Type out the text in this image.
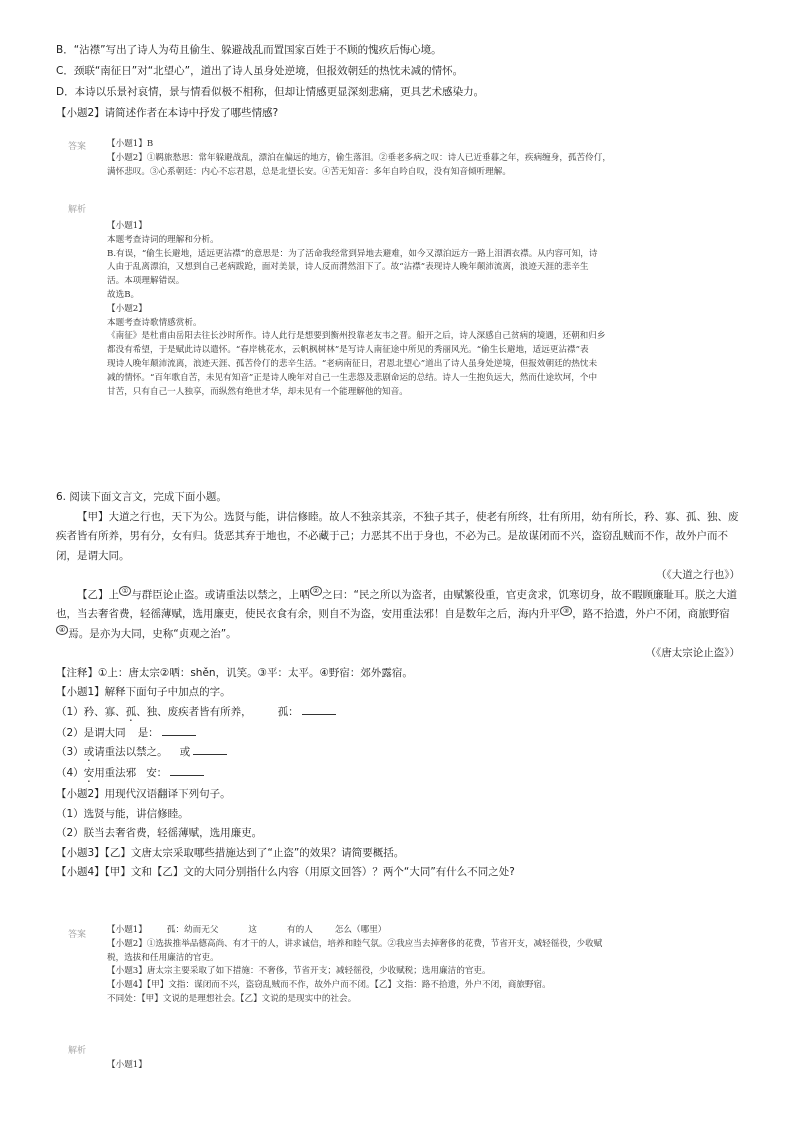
B．“沾襟”写出了诗人为苟且偷生、躲避战乱而置国家百姓于不顾的愧疚后悔心境。
C．颈联“南征日”对“北望心”，道出了诗人虽身处逆境，但报效朝廷的热忱未减的情怀。
D．本诗以乐景衬哀情，景与情看似极不相称，但却让情感更显深刻悲痛，更具艺术感染力。
【小题2】请简述作者在本诗中抒发了哪些情感?
答案 【小题1】B
【小题2】①羁旅愁思：常年躲避战乱，漂泊在偏远的地方，偷生落泪。②垂老多病之叹：诗人已近垂暮之年，疾病缠身，孤苦伶仃，
满怀悲叹。③心系朝廷：内心不忘君恩，总是北望长安。④苦无知音：多年自吟自叹，没有知音倾听理解。
解析
【小题1】
本题考查诗词的理解和分析。
B.有误，“偷生长避地，适远更沾襟”的意思是：为了活命我经常到异地去避难，如今又漂泊远方一路上泪洒衣襟。从内容可知，诗
人由于乱离漂泊，又想到自己老病跋跄，面对美景，诗人反而潸然泪下了。故“沾襟”表现诗人晚年颠沛流离，浪迹天涯的悲辛生
活。本项理解错误。
故选B。
【小题2】
本题考查诗歌情感赏析。
《南征》是杜甫由岳阳去往长沙时所作。诗人此行是想要到衡州投靠老友韦之晋。船开之后，诗人深感自己贫病的境遇，还朝和归乡
都没有希望，于是赋此诗以遣怀。“春岸桃花水，云帆枫树林”是写诗人南征途中所见的秀丽风光。“偷生长避地，适远更沾襟”表
现诗人晚年颠沛流离，浪迹天涯、孤苦伶仃的悲辛生活。“老病南征日，君恩北望心”道出了诗人虽身处逆境，但报效朝廷的热忱未
减的情怀。“百年歌自苦，未见有知音”正是诗人晚年对自己一生悲怨及悲剧命运的总结。诗人一生抱负远大，然而仕途坎坷，个中
甘苦，只有自己一人独享，而纵然有绝世才华，却未见有一个能理解他的知音。
6. 阅读下面文言文，完成下面小题。
【甲】大道之行也，天下为公。选贤与能，讲信修睦。故人不独亲其亲，不独子其子，使老有所终，壮有所用，幼有所长，矜、寡、孤、独、废疾者皆有所养，男有分，女有归。货恶其弃于地也，不必藏于己；力恶其不出于身也，不必为己。是故谋闭而不兴，盗窃乱贼而不作，故外户而不闭，是谓大同。
（《大道之行也》）
【乙】上 ① 与群臣论止盗。或请重法以禁之，上哂 ② 之曰：“民之所以为盗者，由赋繁役重，官吏贪求，饥寒切身，故不暇顾廉耻耳。朕之大道也，当去奢省费，轻徭薄赋，选用廉吏，使民衣食有余，则自不为盗，安用重法邪！自是数年之后，海内升平 ③ ，路不拾遗，外户不闭，商旅野宿④ 焉。是亦为大同，史称“贞观之治”。
（《唐太宗论止盗》）
【注释】①上：唐太宗②哂：shěn，讥笑。③平：太平。④野宿：郊外露宿。
【小题1】解释下面句子中加点的字。
（1）矜、寡、孤、独、废疾者皆有所养， 孤：
（2）是谓大同 是：
（3）或请重法以禁之。 或
（4）安用重法邪 安：
【小题2】用现代汉语翻译下列句子。
（1）选贤与能，讲信修睦。
（2）朕当去奢省费，轻徭薄赋，选用廉吏。
【小题3】【乙】文唐太宗采取哪些措施达到了“止盗”的效果？请简要概括。
【小题4】【甲】文和【乙】文的大同分别指什么内容（用原文回答）？两个“大同”有什么不同之处?
答案 【小题1】 孤：幼而无父	这	有的人	怎么（哪里）
【小题2】①选拔推举品德高尚、有才干的人，讲求诚信，培养和睦气氛。②我应当去掉奢侈的花费，节省开支，减轻徭役，少收赋
税，选拔和任用廉洁的官吏。
【小题3】唐太宗主要采取了如下措施：不奢侈，节省开支；减轻徭役，少收赋税；选用廉洁的官吏。
【小题4】【甲】文指：谋闭而不兴，盗窃乱贼而不作，故外户而不闭。【乙】文指：路不拾遗，外户不闭，商旅野宿。
不同处：【甲】文说的是理想社会。【乙】文说的是现实中的社会。
解析
【小题1】
